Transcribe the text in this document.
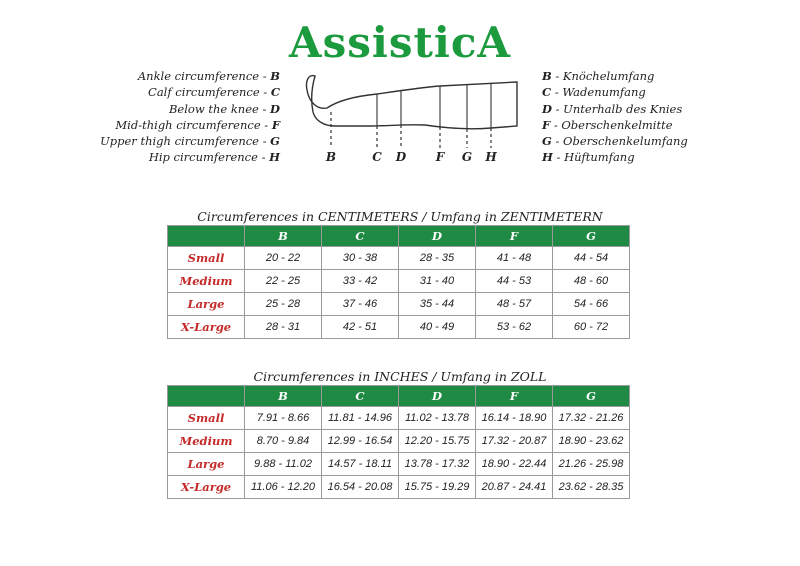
AssisticA
Ankle circumference - B
Calf circumference - C
Below the knee - D
Mid-thigh circumference - F
Upper thigh circumference - G
Hip circumference - H	B	C D F G H
B - Knöchelumfang
C - Wadenumfang
D - Unterhalb des Knies
F - Oberschenkelmitte
G - Oberschenkelumfang
H - Hüftumfang
Circumferences in CENTIMETERS / Umfang in ZENTIMETERN
	B	C	D	F	G
Small	20 - 22	30 - 38	28 - 35	41 - 48	44 - 54
Medium	22 - 25	33 - 42	31 - 40	44 - 53	48 - 60
Large	25 - 28	37 - 46	35 - 44	48 - 57	54 - 66
X-Large	28 - 31	42 - 51	40 - 49	53 - 62	60 - 72
Circumferences in INCHES / Umfang in ZOLL
	B	C	D	F	G
Small	7.91 - 8.66	11.81 - 14.96	11.02 - 13.78	16.14 - 18.90	17.32 - 21.26
Medium	8.70 - 9.84	12.99 - 16.54	12.20 - 15.75	17.32 - 20.87	18.90 - 23.62
Large	9.88 - 11.02	14.57 - 18.11	13.78 - 17.32	18.90 - 22.44	21.26 - 25.98
X-Large	11.06 - 12.20	16.54 - 20.08	15.75 - 19.29	20.87 - 24.41	23.62 - 28.35
